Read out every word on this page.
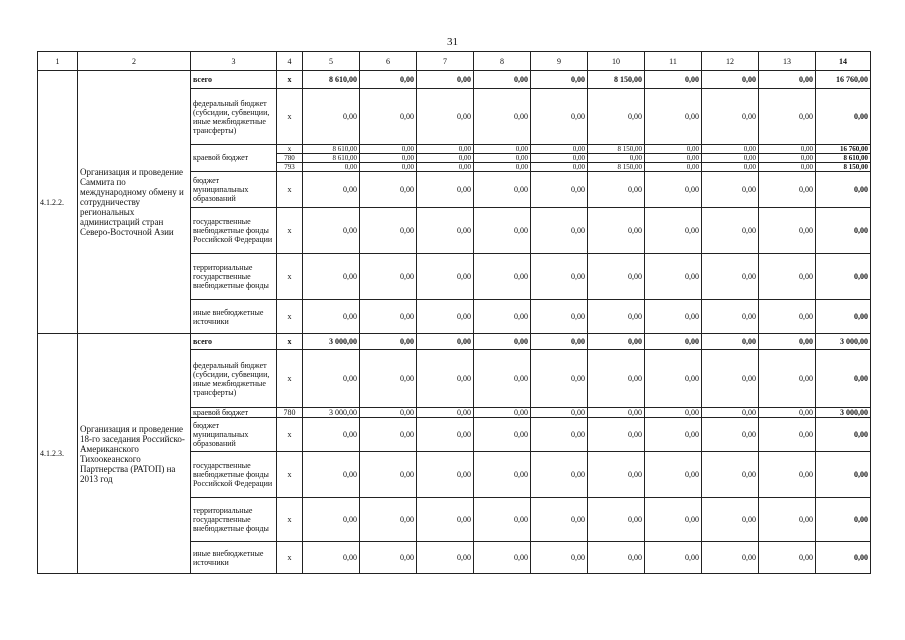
31
1	2	3	4	5	6	7	8	9	10	11	12	13	14
4.1.2.2.	Организация и проведение Саммита по международному обмену и сотрудничеству региональных администраций стран Северо-Восточной Азии	всего	x	8 610,00	0,00	0,00	0,00	0,00	8 150,00	0,00	0,00	0,00	16 760,00
		федеральный бюджет (субсидии, субвенции, иные межбюджетные трансферты)	x	0,00	0,00	0,00	0,00	0,00	0,00	0,00	0,00	0,00	0,00
		краевой бюджет	x	8 610,00	0,00	0,00	0,00	0,00	8 150,00	0,00	0,00	0,00	16 760,00
			780	8 610,00	0,00	0,00	0,00	0,00	0,00	0,00	0,00	0,00	8 610,00
			793	0,00	0,00	0,00	0,00	0,00	8 150,00	0,00	0,00	0,00	8 150,00
		бюджет муниципальных образований	x	0,00	0,00	0,00	0,00	0,00	0,00	0,00	0,00	0,00	0,00
		государственные внебюджетные фонды Российской Федерации	x	0,00	0,00	0,00	0,00	0,00	0,00	0,00	0,00	0,00	0,00
		территориальные государственные внебюджетные фонды	x	0,00	0,00	0,00	0,00	0,00	0,00	0,00	0,00	0,00	0,00
		иные внебюджетные источники	x	0,00	0,00	0,00	0,00	0,00	0,00	0,00	0,00	0,00	0,00
4.1.2.3.	Организация и проведение 18-го заседания Российско-Американского Тихоокеанского Партнерства (РАТОП) на 2013 год	всего	x	3 000,00	0,00	0,00	0,00	0,00	0,00	0,00	0,00	0,00	3 000,00
		федеральный бюджет (субсидии, субвенции, иные межбюджетные трансферты)	x	0,00	0,00	0,00	0,00	0,00	0,00	0,00	0,00	0,00	0,00
		краевой бюджет	780	3 000,00	0,00	0,00	0,00	0,00	0,00	0,00	0,00	0,00	3 000,00
		бюджет муниципальных образований	x	0,00	0,00	0,00	0,00	0,00	0,00	0,00	0,00	0,00	0,00
		государственные внебюджетные фонды Российской Федерации	x	0,00	0,00	0,00	0,00	0,00	0,00	0,00	0,00	0,00	0,00
		территориальные государственные внебюджетные фонды	x	0,00	0,00	0,00	0,00	0,00	0,00	0,00	0,00	0,00	0,00
		иные внебюджетные источники	x	0,00	0,00	0,00	0,00	0,00	0,00	0,00	0,00	0,00	0,00
